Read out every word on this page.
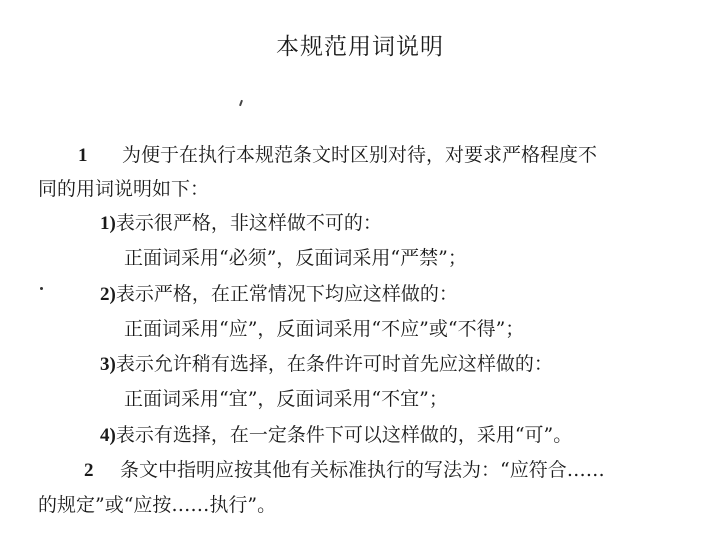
本规范用词说明
1 为便于在执行本规范条文时区别对待，对要求严格程度不
同的用词说明如下：
1)表示很严格，非这样做不可的：
正面词采用“必须”，反面词采用“严禁”；
2)表示严格，在正常情况下均应这样做的：
正面词采用“应”，反面词采用“不应”或“不得”；
3)表示允许稍有选择，在条件许可时首先应这样做的：
正面词采用“宜”，反面词采用“不宜”；
4)表示有选择，在一定条件下可以这样做的，采用“可”。
2 条文中指明应按其他有关标准执行的写法为：“应符合……
的规定”或“应按……执行”。
